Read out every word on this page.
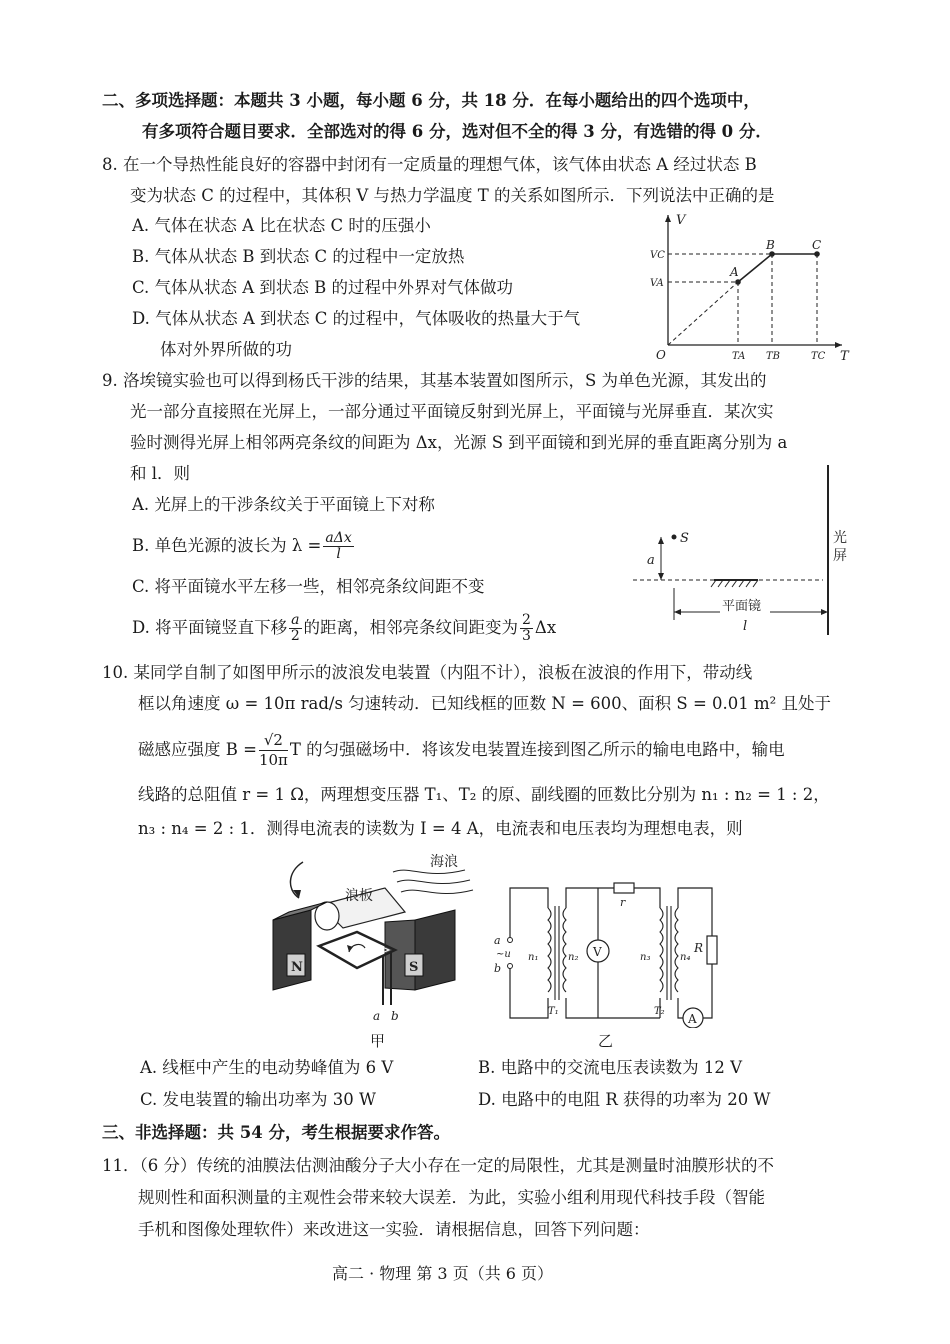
二、多项选择题：本题共 3 小题，每小题 6 分，共 18 分．在每小题给出的四个选项中，
有多项符合题目要求．全部选对的得 6 分，选对但不全的得 3 分，有选错的得 0 分．
8. 在一个导热性能良好的容器中封闭有一定质量的理想气体，该气体由状态 A 经过状态 B
变为状态 C 的过程中，其体积 V 与热力学温度 T 的关系如图所示．下列说法中正确的是
A. 气体在状态 A 比在状态 C 时的压强小
B. 气体从状态 B 到状态 C 的过程中一定放热
C. 气体从状态 A 到状态 B 的过程中外界对气体做功
D. 气体从状态 A 到状态 C 的过程中，气体吸收的热量大于气
体对外界所做的功
V
T
O
A
B	C
VC
VA
TA TB	TC
9. 洛埃镜实验也可以得到杨氏干涉的结果，其基本装置如图所示，S 为单色光源，其发出的
光一部分直接照在光屏上，一部分通过平面镜反射到光屏上，平面镜与光屏垂直．某次实
验时测得光屏上相邻两亮条纹的间距为 Δx，光源 S 到平面镜和到光屏的垂直距离分别为 a
和 l．则
A. 光屏上的干涉条纹关于平面镜上下对称
B. 单色光源的波长为 $\lambda = \frac{\text{aΔx}}{l}$
C. 将平面镜水平左移一些，相邻亮条纹间距不变
D. 将平面镜竖直下移 $\frac{a}{2}$ 的距离，相邻亮条纹间距变为 $\frac{2}{3}$ Δx
光
屏
S
a
平面镜
l
10. 某同学自制了如图甲所示的波浪发电装置（内阻不计），浪板在波浪的作用下，带动线
框以角速度 ω = 10π rad/s 匀速转动．已知线框的匝数 N = 600、面积 S = 0.01 m² 且处于
磁感应强度 $B = \frac{√2}{10\pi}$ T 的匀强磁场中．将该发电装置连接到图乙所示的输电电路中，输电
线路的总阻值 r = 1 Ω，两理想变压器 T₁、T₂ 的原、副线圈的匝数比分别为 n₁ : n₂ = 1 : 2，
n₃ : n₄ = 2 : 1．测得电流表的读数为 I = 4 A，电流表和电压表均为理想电表，则
海浪
浪板
N	S
a b
甲
a
~u
b
n₁	n₂
T₁
V
r
n₃	n₄
T₂
R
A
乙
A. 线框中产生的电动势峰值为 6 V	B. 电路中的交流电压表读数为 12 V
C. 发电装置的输出功率为 30 W	D. 电路中的电阻 R 获得的功率为 20 W
三、非选择题：共 54 分，考生根据要求作答。
11．（6 分）传统的油膜法估测油酸分子大小存在一定的局限性，尤其是测量时油膜形状的不
规则性和面积测量的主观性会带来较大误差．为此，实验小组利用现代科技手段（智能
手机和图像处理软件）来改进这一实验．请根据信息，回答下列问题：
高二 · 物理 第 3 页（共 6 页）
